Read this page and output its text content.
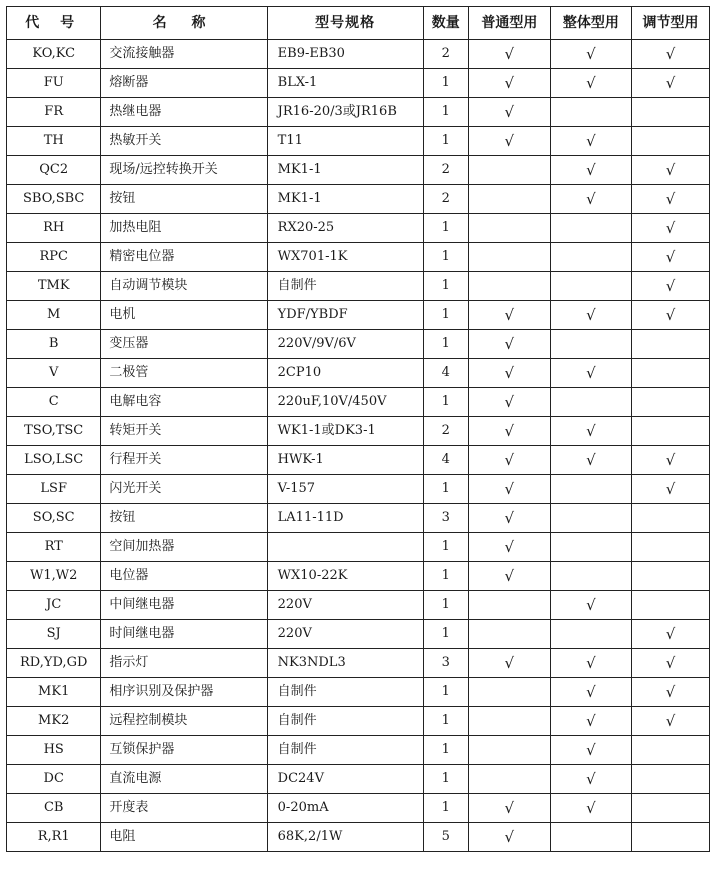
代 号	名 称	型号规格	数量	普通型用	整体型用	调节型用
KO,KC	交流接触器	EB9-EB30	2	√	√	√
FU	熔断器	BLX-1	1	√	√	√
FR	热继电器	JR16-20/3或JR16B	1	√		
TH	热敏开关	T11	1	√	√	
QC2	现场/远控转换开关	MK1-1	2		√	√
SBO,SBC	按钮	MK1-1	2		√	√
RH	加热电阻	RX20-25	1			√
RPC	精密电位器	WX701-1K	1			√
TMK	自动调节模块	自制件	1			√
M	电机	YDF/YBDF	1	√	√	√
B	变压器	220V/9V/6V	1	√		
V	二极管	2CP10	4	√	√	
C	电解电容	220uF,10V/450V	1	√		
TSO,TSC	转矩开关	WK1-1或DK3-1	2	√	√	
LSO,LSC	行程开关	HWK-1	4	√	√	√
LSF	闪光开关	V-157	1	√		√
SO,SC	按钮	LA11-11D	3	√		
RT	空间加热器		1	√		
W1,W2	电位器	WX10-22K	1	√		
JC	中间继电器	220V	1		√	
SJ	时间继电器	220V	1			√
RD,YD,GD	指示灯	NK3NDL3	3	√	√	√
MK1	相序识别及保护器	自制件	1		√	√
MK2	远程控制模块	自制件	1		√	√
HS	互锁保护器	自制件	1		√	
DC	直流电源	DC24V	1		√	
CB	开度表	0-20mA	1	√	√	
R,R1	电阻	68K,2/1W	5	√		
